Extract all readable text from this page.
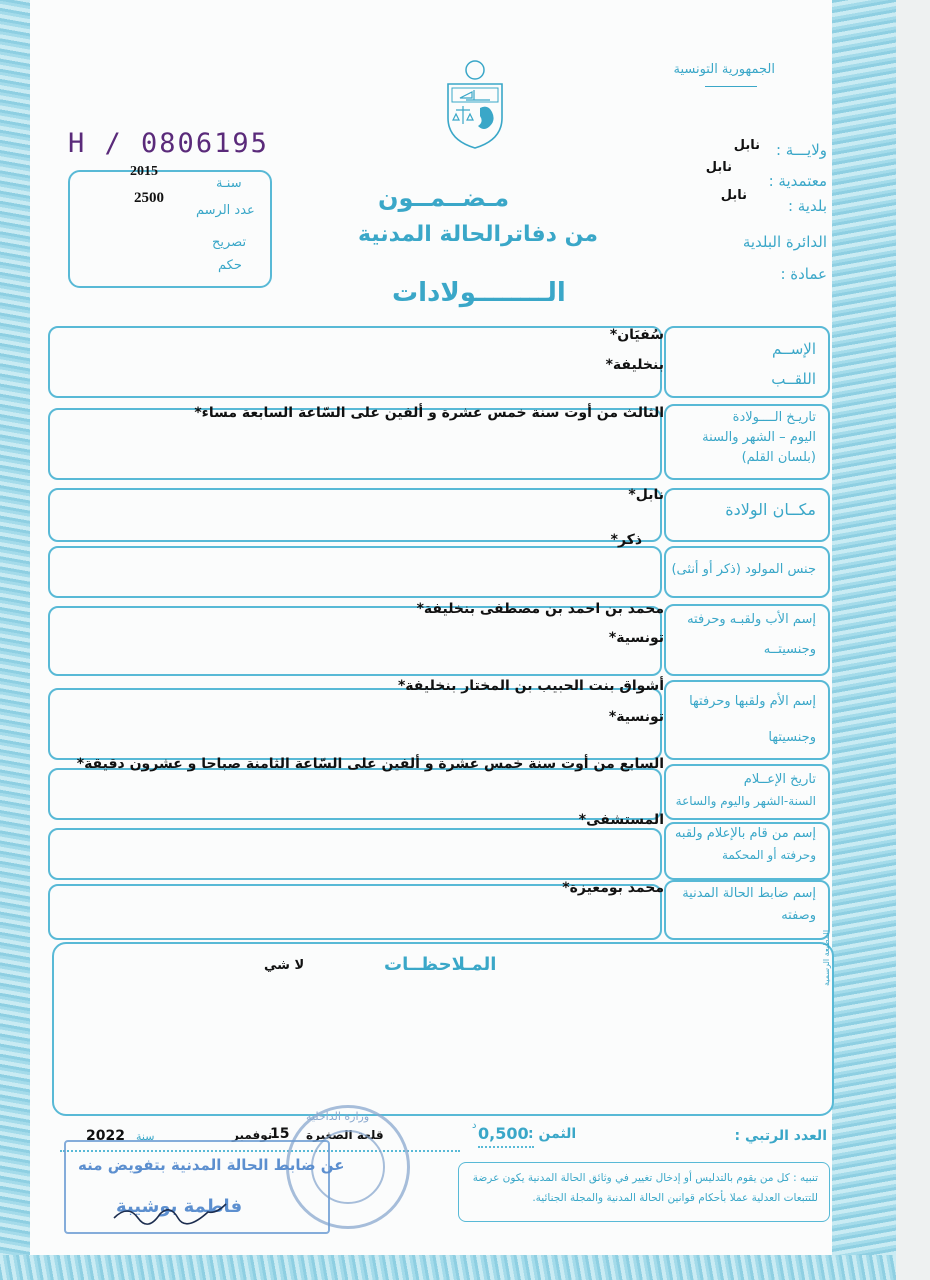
H / 0806195
الجمهورية التونسية
ولايـــة :
نابل
معتمدية :
نابل
بلدية :
نابل
الدائرة البلدية
عمادة :
سنـة
2015
عدد الرسم
2500
تصريح
حكم
مـضــمــون
من دفاترالحالة المدنية
الــــــــولادات
الإســم
اللقــب
سُفيَان*
بنخليفة*
تاريـخ الــــولادة
اليوم – الشهر والسنة
(بلسان القلم)
الثالث من أوت سنة خمس عشرة و ألفين على السّاعة السابعة مساء*
مكــان الولادة
نابل*
جنس المولود (ذكر أو أنثى)
ذكر*
إسم الأب ولقبـه وحرفته
وجنسيتــه
محمد بن احمد بن مصطفى بنخليفة*
تونسية*
إسم الأم ولقبها وحرفتها
وجنسيتها
أشواق بنت الحبيب بن المختار بنخليفة*
تونسية*
تاريخ الإعــلام
السنة-الشهر واليوم والساعة
السابع من أوت سنة خمس عشرة و ألفين على السّاعة الثامنة صباحا و عشرون دقيقة*
إسم من قام بالإعلام ولقبه
وحرفته أو المحكمة
المستشفى*
إسم ضابط الحالة المدنية
وصفته
محمد بومعيزة*
المـلاحظــات
لا شي	المطبعة الرسمية
العدد الرتبي :
الثمن :
0,500
د
قلعة الصغيرة
15
نوفمبر
سنة
2022
تنبيه : كل من يقوم بالتدليس أو إدخال تغيير في وثائق الحالة المدنية يكون عرضة للتتبعات العدلية عملا بأحكام قوانين الحالة المدنية والمجلة الجنائية.
وزارة الداخلية
عن ضابط الحالة المدنية بتفويض منه
فاطمة بوشيبة
